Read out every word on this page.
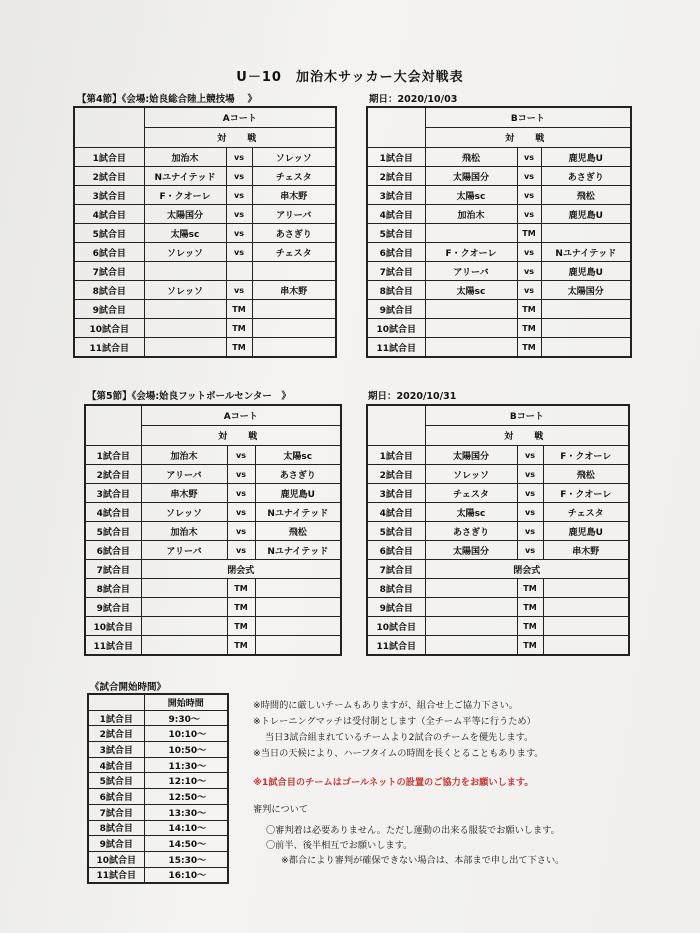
U－10　加治木サッカー大会対戦表
【第4節】《会場:姶良総合陸上競技場　 》	期日：2020/10/03
	Aコート		
	対　戦		
1試合目	加治木	vs	ソレッソ
2試合目	Nユナイテッド	vs	チェスタ
3試合目	F・クオーレ	vs	串木野
4試合目	太陽国分	vs	アリーバ
5試合目	太陽sc	vs	あさぎり
6試合目	ソレッソ	vs	チェスタ
7試合目			
8試合目	ソレッソ	vs	串木野
9試合目		TM	
10試合目		TM	
11試合目		TM	
	Bコート		
	対　戦		
1試合目	飛松	vs	鹿児島U
2試合目	太陽国分	vs	あさぎり
3試合目	太陽sc	vs	飛松
4試合目	加治木	vs	鹿児島U
5試合目		TM	
6試合目	F・クオーレ	vs	Nユナイテッド
7試合目	アリーバ	vs	鹿児島U
8試合目	太陽sc	vs	太陽国分
9試合目		TM	
10試合目		TM	
11試合目		TM	
【第5節】《会場:姶良フットボールセンター　》	期日：2020/10/31
	Aコート		
	対　戦		
1試合目	加治木	vs	太陽sc
2試合目	アリーバ	vs	あさぎり
3試合目	串木野	vs	鹿児島U
4試合目	ソレッソ	vs	Nユナイテッド
5試合目	加治木	vs	飛松
6試合目	アリーバ	vs	Nユナイテッド
7試合目	閉会式		
8試合目		TM	
9試合目		TM	
10試合目		TM	
11試合目		TM	
	Bコート		
	対　戦		
1試合目	太陽国分	vs	F・クオーレ
2試合目	ソレッソ	vs	飛松
3試合目	チェスタ	vs	F・クオーレ
4試合目	太陽sc	vs	チェスタ
5試合目	あさぎり	vs	鹿児島U
6試合目	太陽国分	vs	串木野
7試合目	閉会式		
8試合目		TM	
9試合目		TM	
10試合目		TM	
11試合目		TM	
《試合開始時間》
	開始時間
1試合目	9:30～
2試合目	10:10～
3試合目	10:50～
4試合目	11:30～
5試合目	12:10～
6試合目	12:50～
7試合目	13:30～
8試合目	14:10～
9試合目	14:50～
10試合目	15:30～
11試合目	16:10～
※時間的に厳しいチームもありますが、組合せ上ご協力下さい。
※トレーニングマッチは受付制とします（全チーム平等に行うため）
当日3試合組まれているチームより2試合のチームを優先します。
※当日の天候により、ハーフタイムの時間を長くとることもあります。
※1試合目のチームはゴールネットの設置のご協力をお願いします。
審判について
〇審判着は必要ありません。ただし運動の出来る服装でお願いします。
〇前半、後半相互でお願いします。
※都合により審判が確保できない場合は、本部まで申し出て下さい。
